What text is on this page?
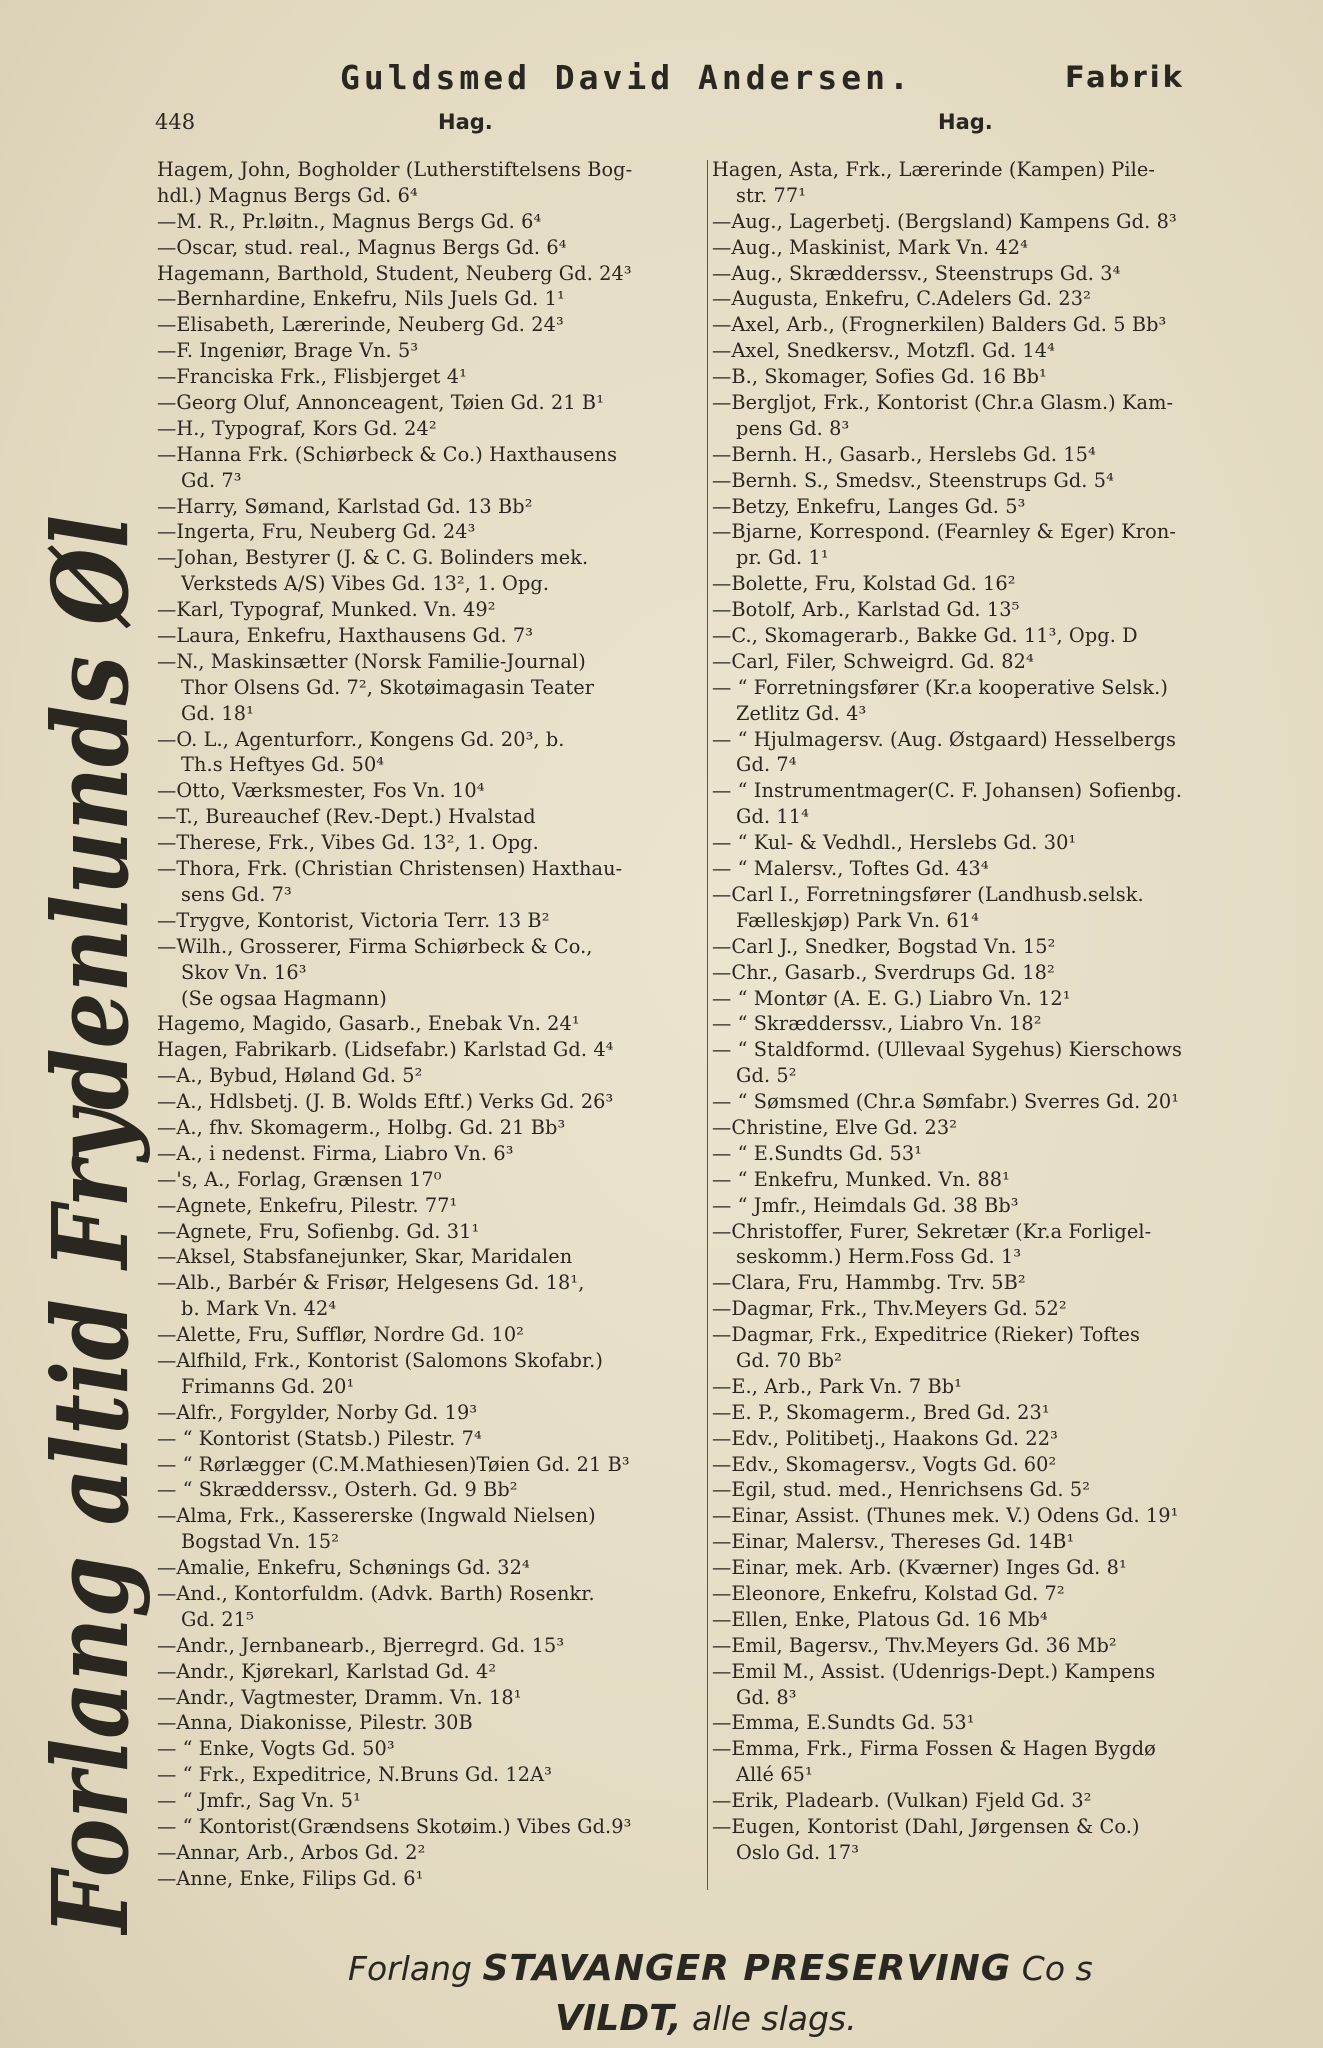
Guldsmed David Andersen.	Fabrik
448	Hag.	Hag.
Forlang altid Frydenlunds Øl
Hagem, John, Bogholder (Lutherstiftelsens Bog-
hdl.) Magnus Bergs Gd. 6⁴
—M. R., Pr.løitn., Magnus Bergs Gd. 6⁴
—Oscar, stud. real., Magnus Bergs Gd. 6⁴
Hagemann, Barthold, Student, Neuberg Gd. 24³
—Bernhardine, Enkefru, Nils Juels Gd. 1¹
—Elisabeth, Lærerinde, Neuberg Gd. 24³
—F. Ingeniør, Brage Vn. 5³
—Franciska Frk., Flisbjerget 4¹
—Georg Oluf, Annonceagent, Tøien Gd. 21 B¹
—H., Typograf, Kors Gd. 24²
—Hanna Frk. (Schiørbeck & Co.) Haxthausens
Gd. 7³
—Harry, Sømand, Karlstad Gd. 13 Bb²
—Ingerta, Fru, Neuberg Gd. 24³
—Johan, Bestyrer (J. & C. G. Bolinders mek.
Verksteds A/S) Vibes Gd. 13², 1. Opg.
—Karl, Typograf, Munked. Vn. 49²
—Laura, Enkefru, Haxthausens Gd. 7³
—N., Maskinsætter (Norsk Familie-Journal)
Thor Olsens Gd. 7², Skotøimagasin Teater
Gd. 18¹
—O. L., Agenturforr., Kongens Gd. 20³, b.
Th.s Heftyes Gd. 50⁴
—Otto, Værksmester, Fos Vn. 10⁴
—T., Bureauchef (Rev.-Dept.) Hvalstad
—Therese, Frk., Vibes Gd. 13², 1. Opg.
—Thora, Frk. (Christian Christensen) Haxthau-
sens Gd. 7³
—Trygve, Kontorist, Victoria Terr. 13 B²
—Wilh., Grosserer, Firma Schiørbeck & Co.,
Skov Vn. 16³
(Se ogsaa Hagmann)
Hagemo, Magido, Gasarb., Enebak Vn. 24¹
Hagen, Fabrikarb. (Lidsefabr.) Karlstad Gd. 4⁴
—A., Bybud, Høland Gd. 5²
—A., Hdlsbetj. (J. B. Wolds Eftf.) Verks Gd. 26³
—A., fhv. Skomagerm., Holbg. Gd. 21 Bb³
—A., i nedenst. Firma, Liabro Vn. 6³
—'s, A., Forlag, Grænsen 17⁰
—Agnete, Enkefru, Pilestr. 77¹
—Agnete, Fru, Sofienbg. Gd. 31¹
—Aksel, Stabsfanejunker, Skar, Maridalen
—Alb., Barbér & Frisør, Helgesens Gd. 18¹,
b. Mark Vn. 42⁴
—Alette, Fru, Sufflør, Nordre Gd. 10²
—Alfhild, Frk., Kontorist (Salomons Skofabr.)
Frimanns Gd. 20¹
—Alfr., Forgylder, Norby Gd. 19³
— “ Kontorist (Statsb.) Pilestr. 7⁴
— “ Rørlægger (C.M.Mathiesen)Tøien Gd. 21 B³
— “ Skrædderssv., Osterh. Gd. 9 Bb²
—Alma, Frk., Kassererske (Ingwald Nielsen)
Bogstad Vn. 15²
—Amalie, Enkefru, Schønings Gd. 32⁴
—And., Kontorfuldm. (Advk. Barth) Rosenkr.
Gd. 21⁵
—Andr., Jernbanearb., Bjerregrd. Gd. 15³
—Andr., Kjørekarl, Karlstad Gd. 4²
—Andr., Vagtmester, Dramm. Vn. 18¹
—Anna, Diakonisse, Pilestr. 30B
— “ Enke, Vogts Gd. 50³
— “ Frk., Expeditrice, N.Bruns Gd. 12A³
— “ Jmfr., Sag Vn. 5¹
— “ Kontorist(Grændsens Skotøim.) Vibes Gd.9³
—Annar, Arb., Arbos Gd. 2²
—Anne, Enke, Filips Gd. 6¹
Hagen, Asta, Frk., Lærerinde (Kampen) Pile-
str. 77¹
—Aug., Lagerbetj. (Bergsland) Kampens Gd. 8³
—Aug., Maskinist, Mark Vn. 42⁴
—Aug., Skrædderssv., Steenstrups Gd. 3⁴
—Augusta, Enkefru, C.Adelers Gd. 23²
—Axel, Arb., (Frognerkilen) Balders Gd. 5 Bb³
—Axel, Snedkersv., Motzfl. Gd. 14⁴
—B., Skomager, Sofies Gd. 16 Bb¹
—Bergljot, Frk., Kontorist (Chr.a Glasm.) Kam-
pens Gd. 8³
—Bernh. H., Gasarb., Herslebs Gd. 15⁴
—Bernh. S., Smedsv., Steenstrups Gd. 5⁴
—Betzy, Enkefru, Langes Gd. 5³
—Bjarne, Korrespond. (Fearnley & Eger) Kron-
pr. Gd. 1¹
—Bolette, Fru, Kolstad Gd. 16²
—Botolf, Arb., Karlstad Gd. 13⁵
—C., Skomagerarb., Bakke Gd. 11³, Opg. D
—Carl, Filer, Schweigrd. Gd. 82⁴
— “ Forretningsfører (Kr.a kooperative Selsk.)
Zetlitz Gd. 4³
— “ Hjulmagersv. (Aug. Østgaard) Hesselbergs
Gd. 7⁴
— “ Instrumentmager(C. F. Johansen) Sofienbg.
Gd. 11⁴
— “ Kul- & Vedhdl., Herslebs Gd. 30¹
— “ Malersv., Toftes Gd. 43⁴
—Carl I., Forretningsfører (Landhusb.selsk.
Fælleskjøp) Park Vn. 61⁴
—Carl J., Snedker, Bogstad Vn. 15²
—Chr., Gasarb., Sverdrups Gd. 18²
— “ Montør (A. E. G.) Liabro Vn. 12¹
— “ Skrædderssv., Liabro Vn. 18²
— “ Staldformd. (Ullevaal Sygehus) Kierschows
Gd. 5²
— “ Sømsmed (Chr.a Sømfabr.) Sverres Gd. 20¹
—Christine, Elve Gd. 23²
— “ E.Sundts Gd. 53¹
— “ Enkefru, Munked. Vn. 88¹
— “ Jmfr., Heimdals Gd. 38 Bb³
—Christoffer, Furer, Sekretær (Kr.a Forligel-
seskomm.) Herm.Foss Gd. 1³
—Clara, Fru, Hammbg. Trv. 5B²
—Dagmar, Frk., Thv.Meyers Gd. 52²
—Dagmar, Frk., Expeditrice (Rieker) Toftes
Gd. 70 Bb²
—E., Arb., Park Vn. 7 Bb¹
—E. P., Skomagerm., Bred Gd. 23¹
—Edv., Politibetj., Haakons Gd. 22³
—Edv., Skomagersv., Vogts Gd. 60²
—Egil, stud. med., Henrichsens Gd. 5²
—Einar, Assist. (Thunes mek. V.) Odens Gd. 19¹
—Einar, Malersv., Thereses Gd. 14B¹
—Einar, mek. Arb. (Kværner) Inges Gd. 8¹
—Eleonore, Enkefru, Kolstad Gd. 7²
—Ellen, Enke, Platous Gd. 16 Mb⁴
—Emil, Bagersv., Thv.Meyers Gd. 36 Mb²
—Emil M., Assist. (Udenrigs-Dept.) Kampens
Gd. 8³
—Emma, E.Sundts Gd. 53¹
—Emma, Frk., Firma Fossen & Hagen Bygdø
Allé 65¹
—Erik, Pladearb. (Vulkan) Fjeld Gd. 3²
—Eugen, Kontorist (Dahl, Jørgensen & Co.)
Oslo Gd. 17³
Forlang STAVANGER PRESERVING Co s
VILDT, alle slags.
